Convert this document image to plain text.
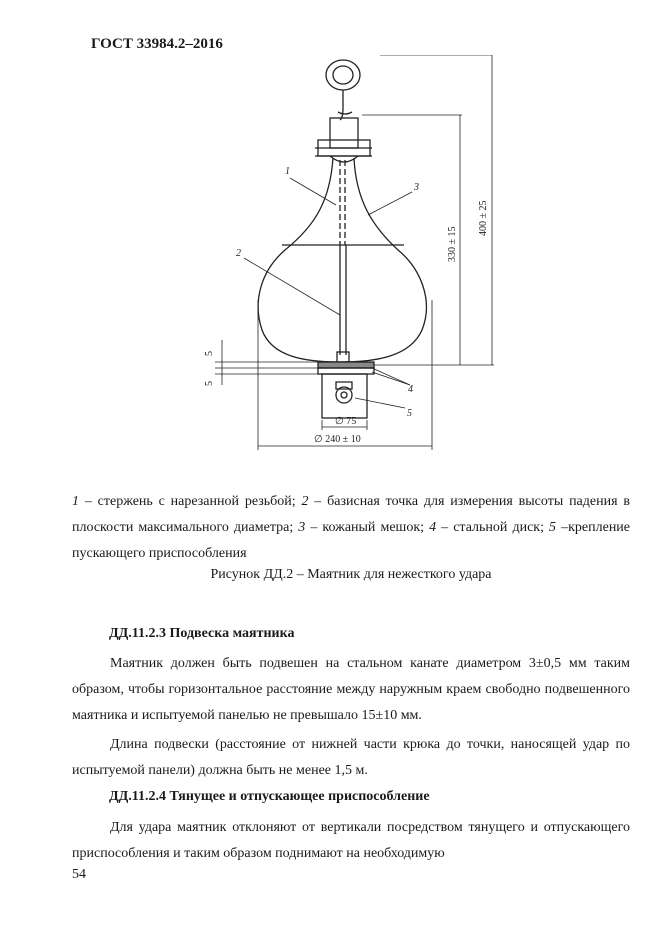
ГОСТ 33984.2–2016
400 ± 25
330 ± 15
∅ 240 ± 10
∅ 75
5
5
1
2
3
4
5
1 – стержень с нарезанной резьбой; 2 – базисная точка для измерения высоты падения в плоскости максимального диаметра; 3 – кожаный мешок; 4 – стальной диск; 5 –крепление пускающего приспособления
Рисунок ДД.2 – Маятник для нежесткого удара
ДД.11.2.3 Подвеска маятника
Маятник должен быть подвешен на стальном канате диаметром 3±0,5 мм таким образом, чтобы горизонтальное расстояние между наружным краем свободно подвешенного маятника и испытуемой панелью не превышало 15±10 мм.
Длина подвески (расстояние от нижней части крюка до точки, наносящей удар по испытуемой панели) должна быть не менее 1,5 м.
ДД.11.2.4 Тянущее и отпускающее приспособление
Для удара маятник отклоняют от вертикали посредством тянущего и отпускающего приспособления и таким образом поднимают на необходимую
54
